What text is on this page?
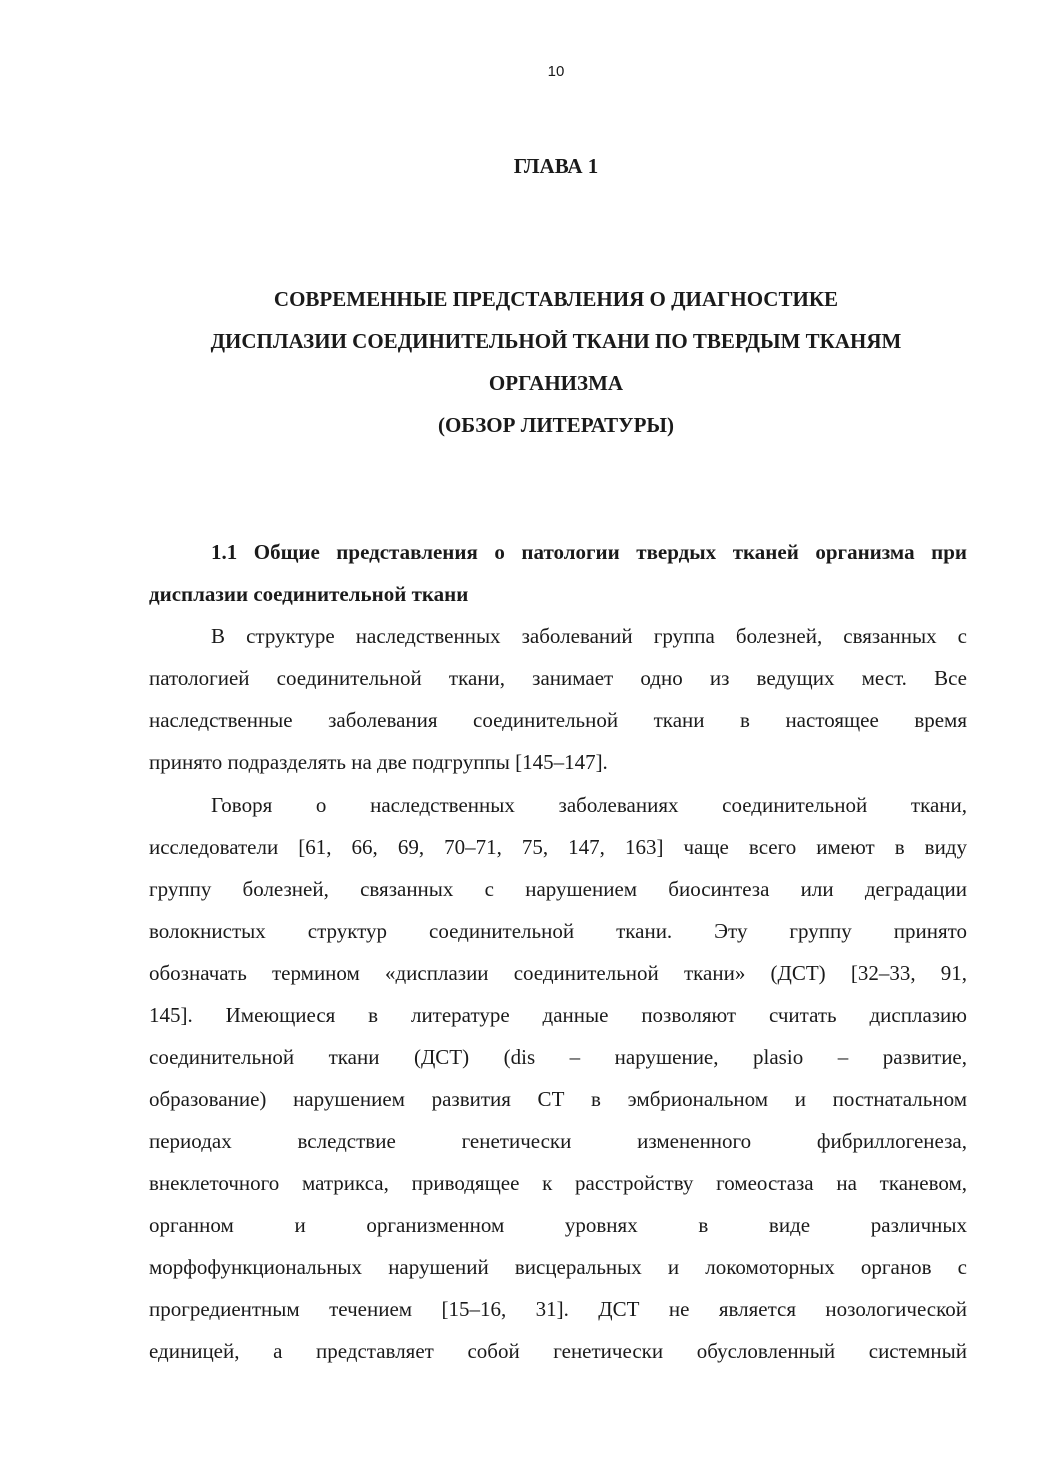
10
ГЛАВА 1
СОВРЕМЕННЫЕ ПРЕДСТАВЛЕНИЯ О ДИАГНОСТИКЕ
ДИСПЛАЗИИ СОЕДИНИТЕЛЬНОЙ ТКАНИ ПО ТВЕРДЫМ ТКАНЯМ
ОРГАНИЗМА
(ОБЗОР ЛИТЕРАТУРЫ)
1.1 Общие представления о патологии твердых тканей организма при дисплазии соединительной ткани
В структуре наследственных заболеваний группа болезней, связанных с
патологией соединительной ткани, занимает одно из ведущих мест. Все
наследственные заболевания соединительной ткани в настоящее время
принято подразделять на две подгруппы [145–147].
Говоря о наследственных заболеваниях соединительной ткани,
исследователи [61, 66, 69, 70–71, 75, 147, 163] чаще всего имеют в виду
группу болезней, связанных с нарушением биосинтеза или деградации
волокнистых структур соединительной ткани. Эту группу принято
обозначать термином «дисплазии соединительной ткани» (ДСТ) [32–33, 91,
145]. Имеющиеся в литературе данные позволяют считать дисплазию
соединительной ткани (ДСТ) (dis – нарушение, plasio – развитие,
образование) нарушением развития СТ в эмбриональном и постнатальном
периодах вследствие генетически измененного фибриллогенеза,
внеклеточного матрикса, приводящее к расстройству гомеостаза на тканевом,
органном и организменном уровнях в виде различных
морфофункциональных нарушений висцеральных и локомоторных органов с
прогредиентным течением [15–16, 31]. ДСТ не является нозологической
единицей, а представляет собой генетически обусловленный системный
